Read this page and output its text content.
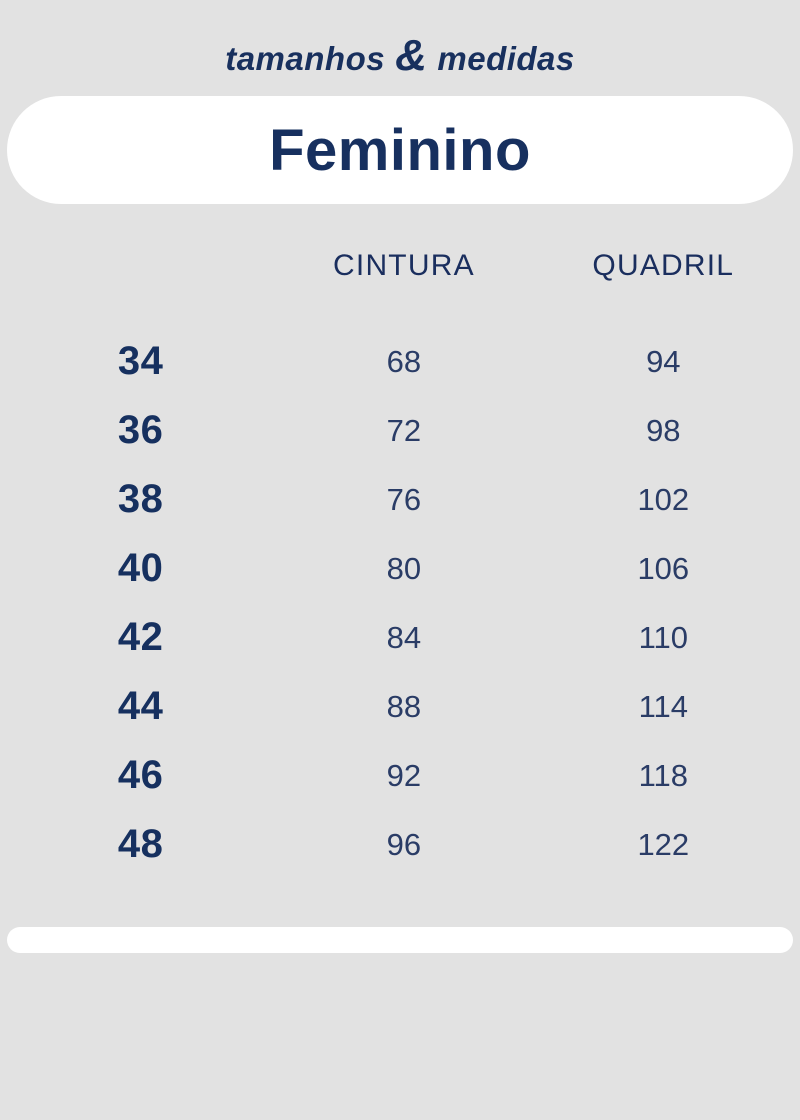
tamanhos & medidas
Feminino
	CINTURA	QUADRIL
34	68	94
36	72	98
38	76	102
40	80	106
42	84	110
44	88	114
46	92	118
48	96	122
